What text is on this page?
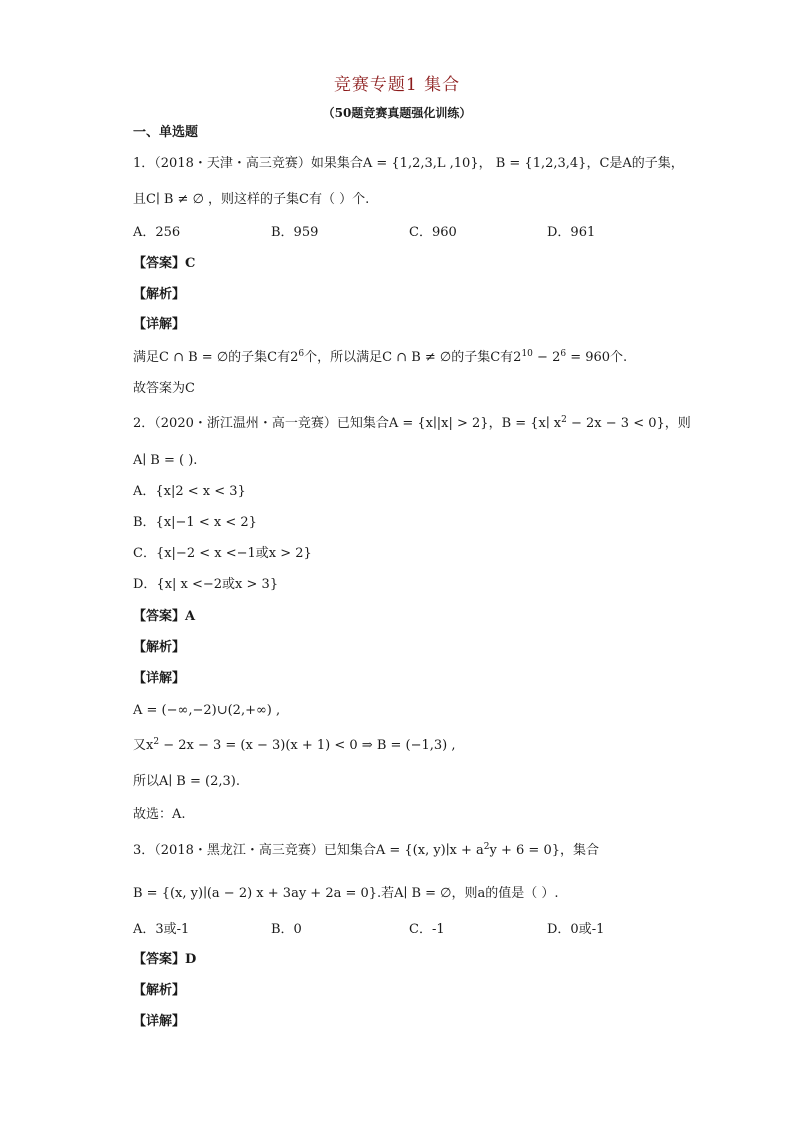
竞赛专题1 集合
（50题竞赛真题强化训练）
一、单选题
1．（2018・天津・高三竞赛）如果集合A = {1,2,3,L ,10}， B = {1,2,3,4}，C是A的子集，
且C∣ B ≠ ∅ ，则这样的子集C有（ ）个.
A．256	B．959	C．960	D．961
【答案】C
【解析】
【详解】
满足C ∩ B = ∅的子集C有$2^6$个，所以满足C ∩ B ≠ ∅的子集C有$2^{10} - 2^6 = 960$个.
故答案为C
2．（2020・浙江温州・高一竞赛）已知集合A = {x∣|x| > 2}，B = {x∣ $x^2 - 2x - 3 < 0$}，则
A∣ B = ( ).
A．{x|2 < x < 3}
B．{x|−1 < x < 2}
C．{x|−2 < x <−1或x > 2}
D．{x| x <−2或x > 3}
【答案】A
【解析】
【详解】
A = (−∞,−2)∪(2,+∞) ,
又$x^2 - 2x - 3 = (x - 3)(x + 1) < 0$ ⇒ B = (−1,3) ,
所以A∣ B = (2,3).
故选：A.
3．（2018・黑龙江・高三竞赛）已知集合A = {(x, y)∣x + $a^2y + 6 = 0$}，集合
B = {(x, y)∣(a − 2) x + 3ay + 2a = 0}.若A∣ B = ∅，则a的值是（ ）.
A．3或-1	B．0	C．-1	D．0或-1
【答案】D
【解析】
【详解】
